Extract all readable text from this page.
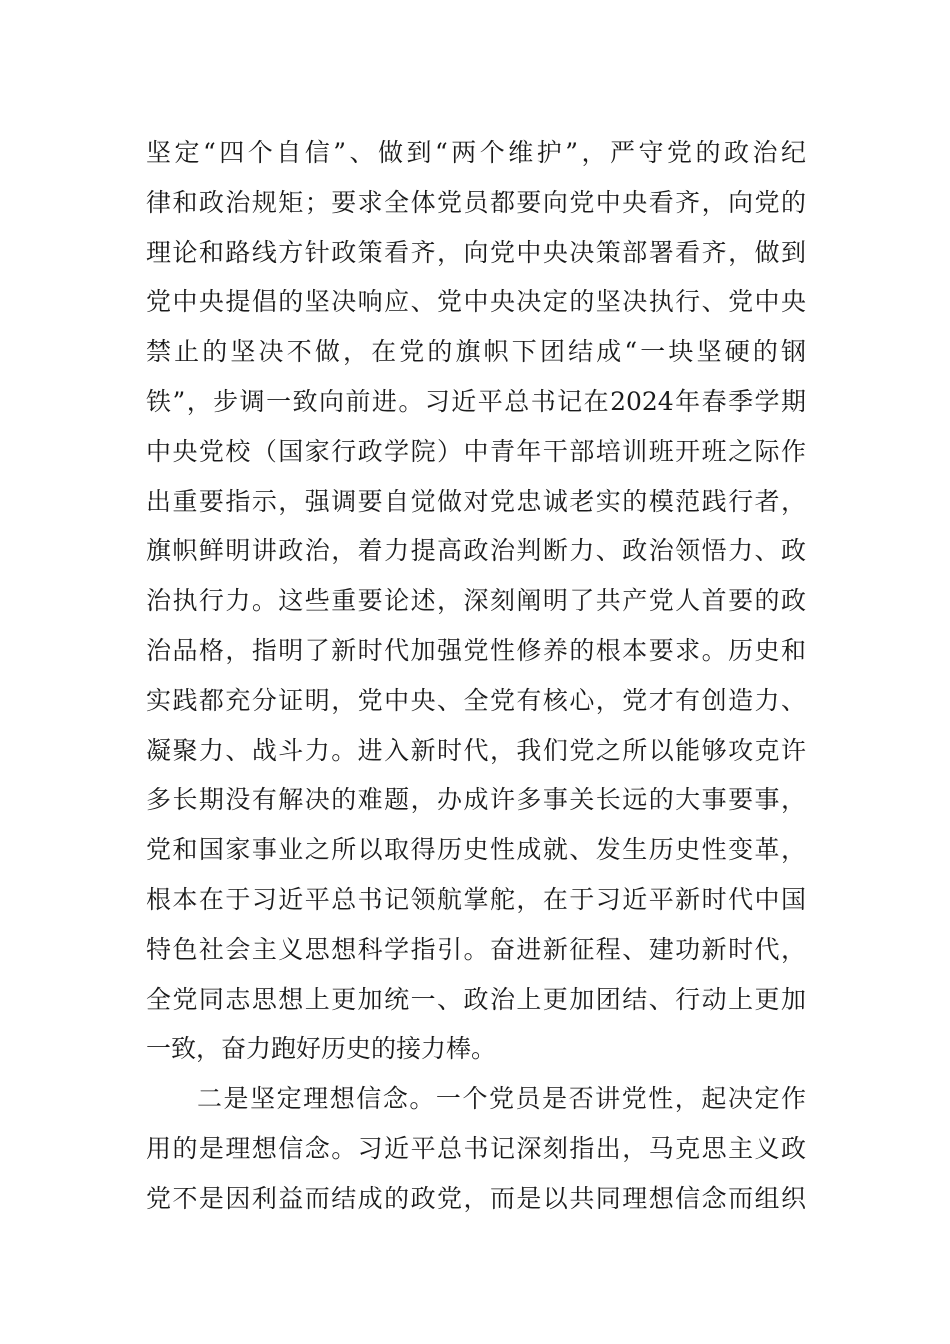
坚定“四个自信”、做到“两个维护”，严守党的政治纪
律和政治规矩；要求全体党员都要向党中央看齐，向党的
理论和路线方针政策看齐，向党中央决策部署看齐，做到
党中央提倡的坚决响应、党中央决定的坚决执行、党中央
禁止的坚决不做，在党的旗帜下团结成“一块坚硬的钢
铁”，步调一致向前进。习近平总书记在2024年春季学期
中央党校（国家行政学院）中青年干部培训班开班之际作
出重要指示，强调要自觉做对党忠诚老实的模范践行者，
旗帜鲜明讲政治，着力提高政治判断力、政治领悟力、政
治执行力。这些重要论述，深刻阐明了共产党人首要的政
治品格，指明了新时代加强党性修养的根本要求。历史和
实践都充分证明，党中央、全党有核心，党才有创造力、
凝聚力、战斗力。进入新时代，我们党之所以能够攻克许
多长期没有解决的难题，办成许多事关长远的大事要事，
党和国家事业之所以取得历史性成就、发生历史性变革，
根本在于习近平总书记领航掌舵，在于习近平新时代中国
特色社会主义思想科学指引。奋进新征程、建功新时代，
全党同志思想上更加统一、政治上更加团结、行动上更加
一致，奋力跑好历史的接力棒。
二是坚定理想信念。一个党员是否讲党性，起决定作
用的是理想信念。习近平总书记深刻指出，马克思主义政
党不是因利益而结成的政党，而是以共同理想信念而组织
